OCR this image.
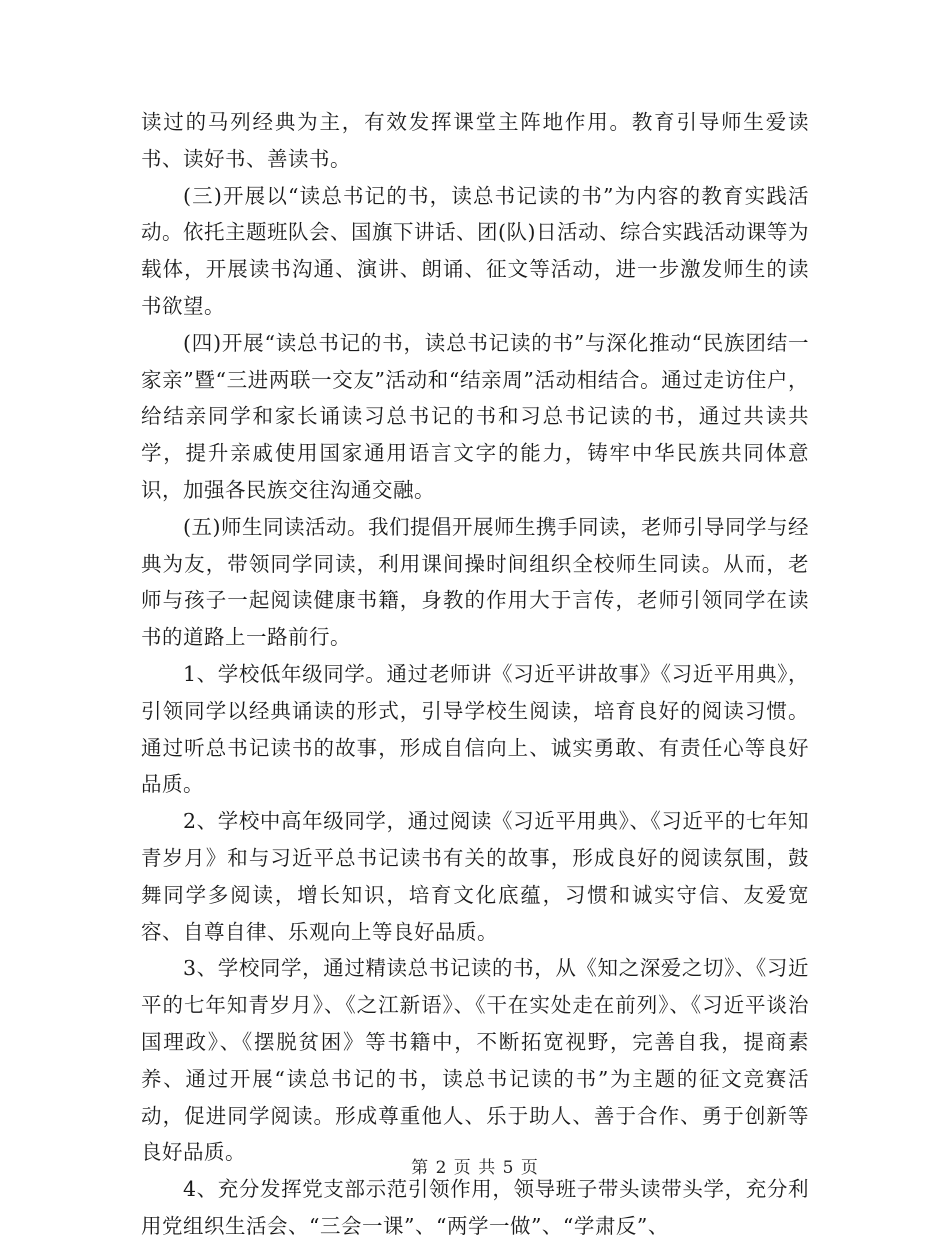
读过的马列经典为主，有效发挥课堂主阵地作用。教育引导师生爱读书、读好书、善读书。

(三)开展以“读总书记的书，读总书记读的书”为内容的教育实践活动。依托主题班队会、国旗下讲话、团(队)日活动、综合实践活动课等为载体，开展读书沟通、演讲、朗诵、征文等活动，进一步激发师生的读书欲望。

(四)开展“读总书记的书，读总书记读的书”与深化推动“民族团结一家亲”暨“三进两联一交友”活动和“结亲周”活动相结合。通过走访住户，给结亲同学和家长诵读习总书记的书和习总书记读的书，通过共读共学，提升亲戚使用国家通用语言文字的能力，铸牢中华民族共同体意识，加强各民族交往沟通交融。

(五)师生同读活动。我们提倡开展师生携手同读，老师引导同学与经典为友，带领同学同读，利用课间操时间组织全校师生同读。从而，老师与孩子一起阅读健康书籍，身教的作用大于言传，老师引领同学在读书的道路上一路前行。

1、学校低年级同学。通过老师讲《习近平讲故事》《习近平用典》，引领同学以经典诵读的形式，引导学校生阅读，培育良好的阅读习惯。通过听总书记读书的故事，形成自信向上、诚实勇敢、有责任心等良好品质。

2、学校中高年级同学，通过阅读《习近平用典》、《习近平的七年知青岁月》和与习近平总书记读书有关的故事，形成良好的阅读氛围，鼓舞同学多阅读，增长知识，培育文化底蕴，习惯和诚实守信、友爱宽容、自尊自律、乐观向上等良好品质。

3、学校同学，通过精读总书记读的书，从《知之深爱之切》、《习近平的七年知青岁月》、《之江新语》、《干在实处走在前列》、《习近平谈治国理政》、《摆脱贫困》等书籍中，不断拓宽视野，完善自我，提商素养、通过开展“读总书记的书，读总书记读的书”为主题的征文竞赛活动，促进同学阅读。形成尊重他人、乐于助人、善于合作、勇于创新等良好品质。

4、充分发挥党支部示范引领作用，领导班子带头读带头学，充分利用党组织生活会、“三会一课”、“两学一做”、“学肃反”、

第 2 页 共 5 页
